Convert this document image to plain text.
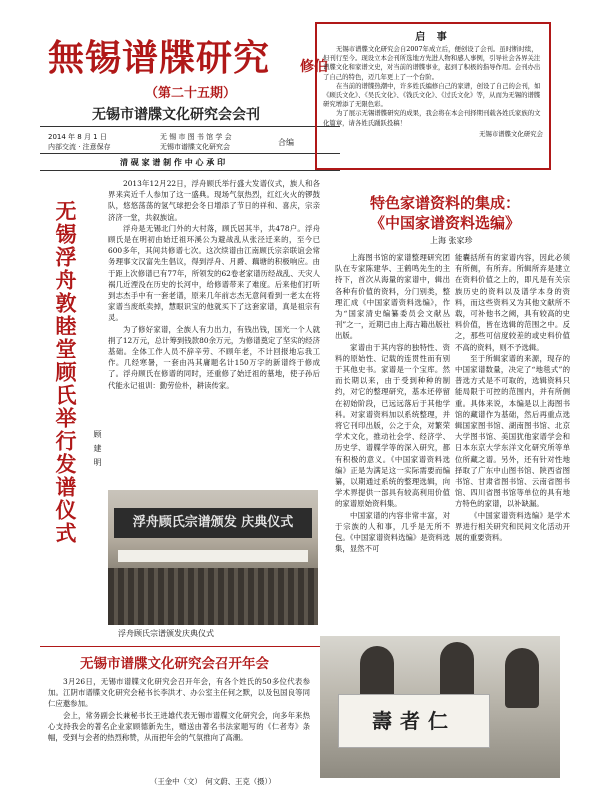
無锡谱牒研究 修伯
（第二十五期）
无锡市谱牒文化研究会会刊
2014 年 8 月 1 日
内部交流 · 注意保存
无 锡 市 图 书 馆 学 会
无锡市谱牒文化研究会	合编
清 砚 家 谱 制 作 中 心 承 印
启 事

无锡市谱牒文化研究会自2007年成立后，便创设了会刊。虽时断时续，但刊行至今。现设立本会刊所选地方先进人物和感人事例，引导社会各界关注谱牒文化和家谱文史，对当前的谱牒事业，起到了积极的指导作用。会刊办出了自己的特色，迈几年更上了一个台阶。

在当前的谱牒热潮中，许多姓氏编修自己的家谱，创设了自己的会刊，如《顾氏文化》、《吴氏文化》、《钱氏文化》、《过氏文化》等，从而为无锡的谱牒研究增添了无限色彩。

为了展示无锡谱牒研究的成果，我会将在本会刊择期刊载各姓氏家族的文化篇章，请各姓氏踊跃投稿！

无锡市谱牒文化研究会
无锡浮舟敦睦堂顾氏举行发谱仪式 顾建明

2013年12月22日，浮舟顾氏举行盛大发谱仪式，族人和各界来宾近千人参加了这一盛典。现场气氛热烈，红红火火的锣鼓队，悠悠荡荡的氢气球把会冬日增添了节日的祥和、喜庆，宗亲济济一堂，共叙族谊。

浮舟是无锡北门外的大村落，顾氏居其半，共478户。浮舟顾氏是在明初由始迁祖环溪公为避战乱从张泾迁来的，至今已600多年，其间共修谱七次。这次续谱由江南顾氏宗亲联谊会常务理事文汉富先生倡议，得到浮舟、月爵、藕塘的积极响应。由于距上次修谱已有77年，所领发的62卷老家谱历经战乱、天灾人祸几近湮没在历史的长河中，给修谱带来了难度。后来他们打听到志杰手中有一套老谱，原来几年前志杰无意间看到一老太在将家谱当废纸卖掉，慧眼识宝的他就买下了这套家谱，真是祖宗有灵。

为了修好家谱，全族人有力出力，有钱出钱，国光一个人就捐了12万元，总计筹到钱款80余万元，为修谱奠定了坚实的经济基础。全体工作人员不辞辛劳、不顾年老，不计回报地忘我工作。几经寒暑，一套由冯其庸题名计150万字的新谱终于修成了。浮舟顾氏在修谱的同时，还重修了始迁祖的墓地，使子孙后代能永记祖训：勤劳俭朴，耕读传家。

浮舟顾氏宗谱颁发 庆典仪式
浮舟顾氏宗谱颁发庆典仪式
特色家谱资料的集成：
《中国家谱资料选编》
上海 张家珍

上海图书馆的家谱整理研究团队在专家陈建华、王鹤鸣先生的主持下，首次从海量的家谱中，辑出各种有价值的资料，分门别类，整理汇成《中国家谱资料选编》，作为“国家清史编纂委员会文献丛刊”之一，近期已由上海古籍出版社出版。

家谱由于其内容的独特性、资料的原始性、记载的连贯性而有别于其他史书。家谱是一个宝库。然而长期以来，由于受到种种的制约，对它的整理研究，基本还停留在初始阶段，已远远落后于其他学科。对家谱资料加以系统整理，并将它刊印出版，公之于众，对繁荣学术文化，推动社会学、经济学、历史学、谱牒学等的深入研究，都有积极的意义。《中国家谱资料选编》正是为满足这一实际需要而编纂，以期通过系统的整理选辑，向学术界提供一部具有较高利用价值的家谱原始资料集。

中国家谱的内容非常丰富，对于宗族的人和事，几乎是无所不包。《中国家谱资料选编》是资料选集，显然不可

能囊括所有的家谱内容，因此必须有所侧，有所弃。所辑所弃是建立在资料价值之上的，即凡是有关宗族历史的资料以及谱学本身的资料，而这些资料又为其他文献所不载，可补他书之阙，具有较高的史料价值，皆在选辑的范围之中。反之，那些可信度较差的或史料价值不高的资料，则不予选辑。

至于所辑家谱的来源，现存的中国家谱数量，决定了“地毯式”的普选方式是不可取的，选辑资料只能局限于可控的范围内，并有所侧重。具体来说，本编是以上海图书馆的藏谱作为基础，然后再重点选辑国家图书馆、湖南图书馆、北京大学图书馆、美国犹他家谱学会和日本东京大学东洋文化研究所等单位所藏之谱。另外，还有针对性地择取了广东中山图书馆、陕西省图书馆、甘肃省图书馆、云南省图书馆、四川省图书馆等单位的具有地方特色的家谱，以补缺漏。

《中国家谱资料选编》是学术界进行相关研究和民间文化活动开展的重要资料。

无锡市谱牒文化研究会召开年会

3月26日，无锡市谱牒文化研究会召开年会，有各个姓氏的50多位代表参加。江阴市谱牒文化研究会秘书长李洪才、办公室主任何之默，以及包国良等同仁应邀参加。

会上，常务副会长兼秘书长王进雄代表无锡市谱牒文化研究会，向多年来热心支持我会的著名企业家顾德新先生，赠送由著名书法家题写的《仁者寿》条幅，受到与会者的热烈称赞，从而把年会的气氛推向了高潮。

（王金中（文）　何文蔚、王克（摄））
壽者仁
